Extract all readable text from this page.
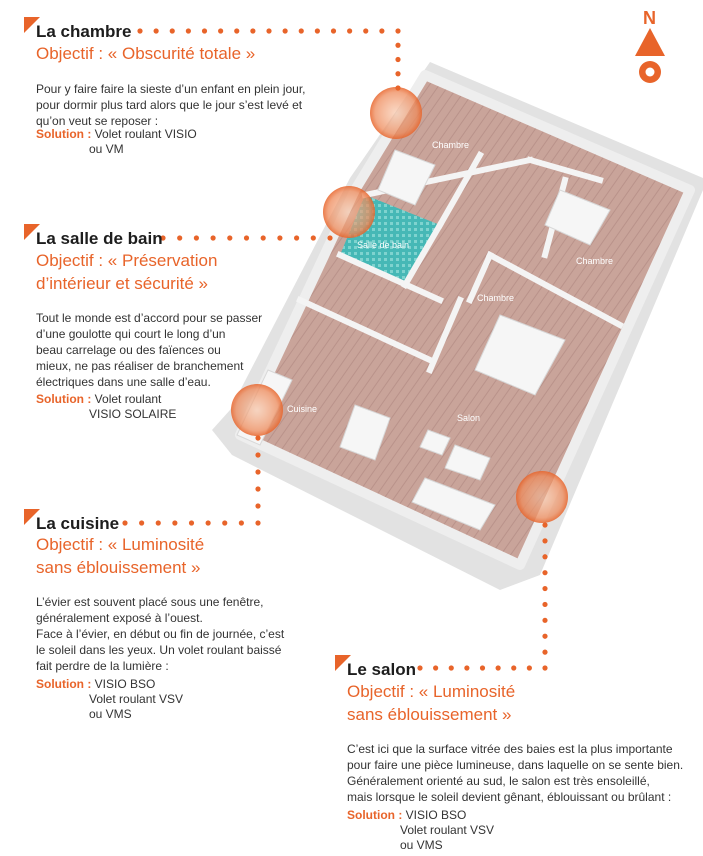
Chambre
Salle de bain
Chambre
Chambre
Cuisine
Salon
N
La chambre
Objectif : « Obscurité totale »
Pour y faire faire la sieste d’un enfant en plein jour,
pour dormir plus tard alors que le jour s’est levé et
qu’on veut se reposer :
Solution : Volet roulant VISIO
ou VM
La salle de bain
Objectif : « Préservation
d’intérieur et sécurité »
Tout le monde est d’accord pour se passer
d’une goulotte qui court le long d’un
beau carrelage ou des faïences ou
mieux, ne pas réaliser de branchement
électriques dans une salle d’eau.
Solution : Volet roulant
VISIO SOLAIRE
La cuisine
Objectif : « Luminosité
sans éblouissement »
L’évier est souvent placé sous une fenêtre,
généralement exposé à l’ouest.
Face à l’évier, en début ou fin de journée, c’est
le soleil dans les yeux. Un volet roulant baissé
fait perdre de la lumière :
Solution : VISIO BSO
Volet roulant VSV
ou VMS
Le salon
Objectif : « Luminosité
sans éblouissement »
C’est ici que la surface vitrée des baies est la plus importante
pour faire une pièce lumineuse, dans laquelle on se sente bien.
Généralement orienté au sud, le salon est très ensoleillé,
mais lorsque le soleil devient gênant, éblouissant ou brûlant :
Solution : VISIO BSO
Volet roulant VSV
ou VMS
